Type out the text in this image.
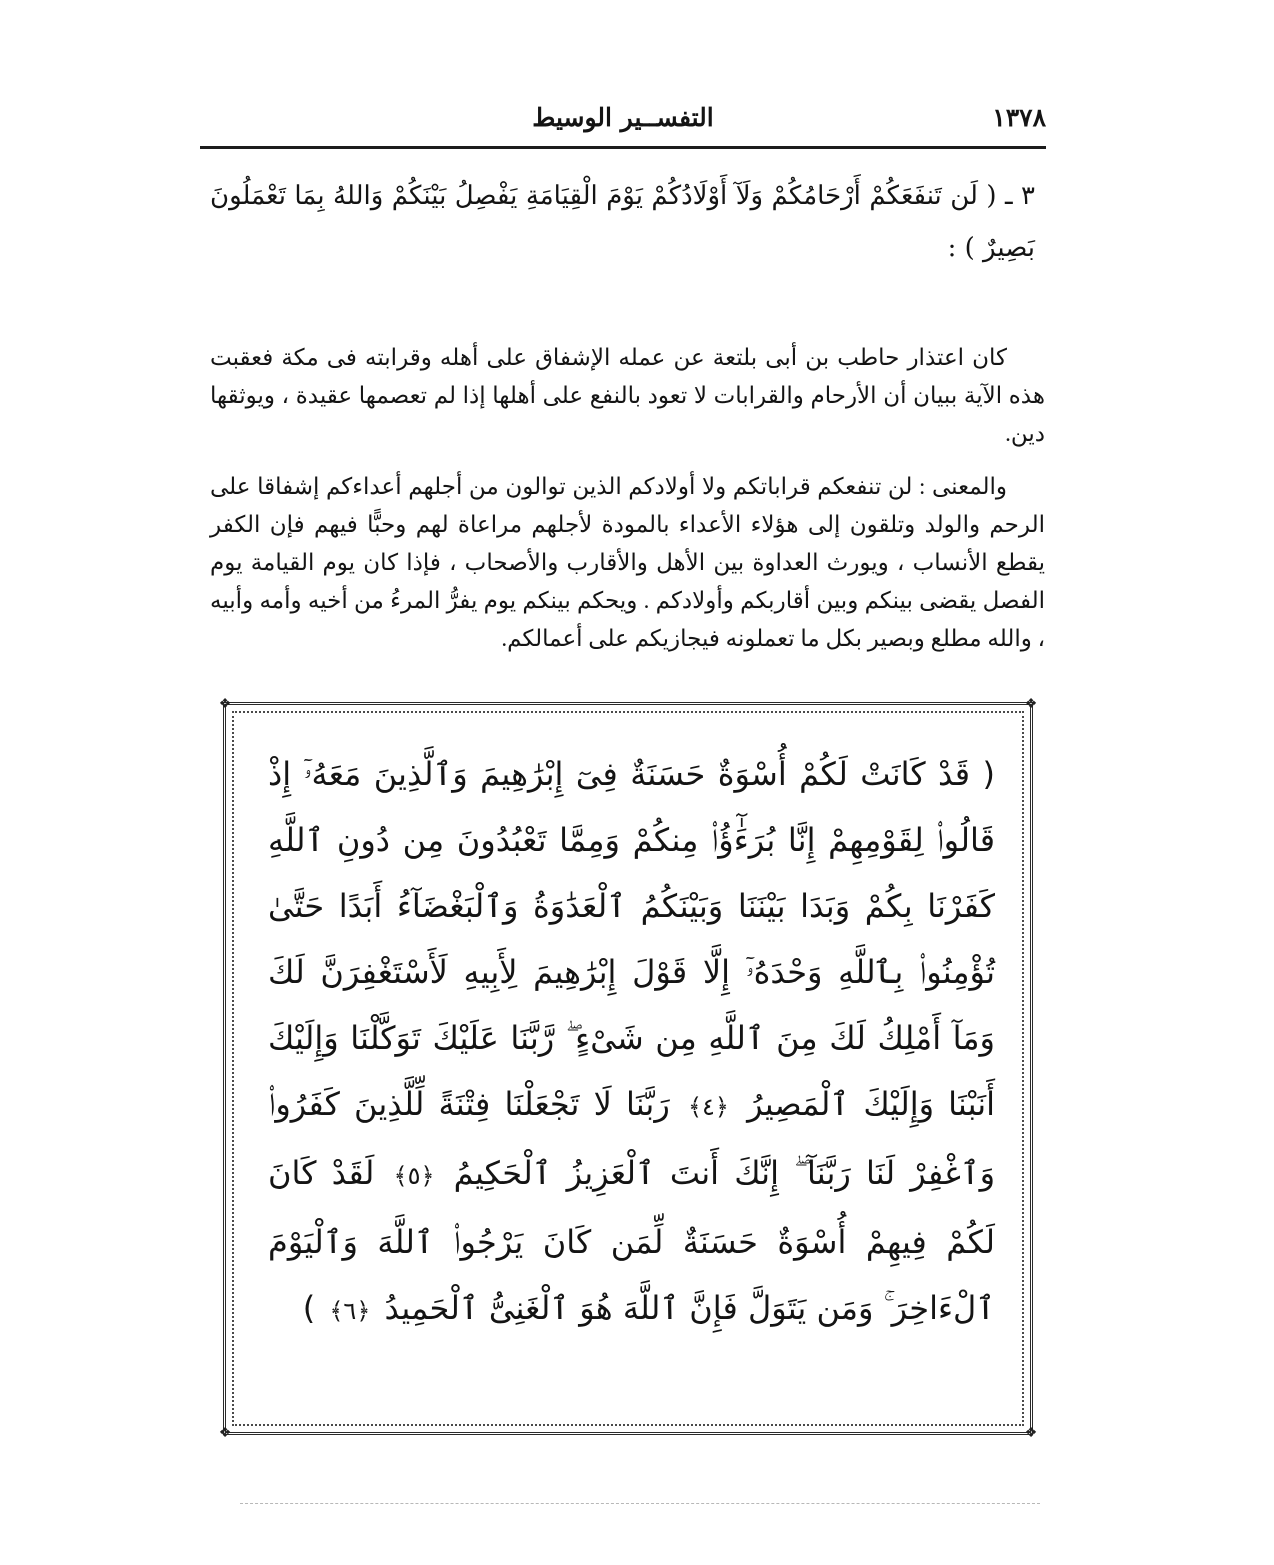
١٣٧٨
التفســير الوسيط
٣ ـ ( لَن تَنفَعَكُمْ أَرْحَامُكُمْ وَلَآ أَوْلَادُكُمْ يَوْمَ الْقِيَامَةِ يَفْصِلُ بَيْنَكُمْ وَاللهُ بِمَا تَعْمَلُونَ بَصِيرٌ ) :

كان اعتذار حاطب بن أبى بلتعة عن عمله الإشفاق على أهله وقرابته فى مكة فعقبت هذه الآية ببيان أن الأرحام والقرابات لا تعود بالنفع على أهلها إذا لم تعصمها عقيدة ، ويوثقها دين.

والمعنى : لن تنفعكم قراباتكم ولا أولادكم الذين توالون من أجلهم أعداءكم إشفاقا على الرحم والولد وتلقون إلى هؤلاء الأعداء بالمودة لأجلهم مراعاة لهم وحبًّا فيهم فإن الكفر يقطع الأنساب ، ويورث العداوة بين الأهل والأقارب والأصحاب ، فإذا كان يوم القيامة يوم الفصل يقضى بينكم وبين أقاربكم وأولادكم . ويحكم بينكم يوم يفرُّ المرءُ من أخيه وأمه وأبيه ، والله مطلع وبصير بكل ما تعملونه فيجازيكم على أعمالكم.

❖	❖
❖	❖
( قَدْ كَانَتْ لَكُمْ أُسْوَةٌ حَسَنَةٌ فِىٓ إِبْرَٰهِيمَ وَٱلَّذِينَ مَعَهُۥٓ إِذْ قَالُوا۟ لِقَوْمِهِمْ إِنَّا بُرَءَٰٓؤُا۟ مِنكُمْ وَمِمَّا تَعْبُدُونَ مِن دُونِ ٱللَّهِ كَفَرْنَا بِكُمْ وَبَدَا بَيْنَنَا وَبَيْنَكُمُ ٱلْعَدَٰوَةُ وَٱلْبَغْضَآءُ أَبَدًا حَتَّىٰ تُؤْمِنُوا۟ بِٱللَّهِ وَحْدَهُۥٓ إِلَّا قَوْلَ إِبْرَٰهِيمَ لِأَبِيهِ لَأَسْتَغْفِرَنَّ لَكَ وَمَآ أَمْلِكُ لَكَ مِنَ ٱللَّهِ مِن شَىْءٍ ۖ رَّبَّنَا عَلَيْكَ تَوَكَّلْنَا وَإِلَيْكَ أَنَبْنَا وَإِلَيْكَ ٱلْمَصِيرُ ﴿٤﴾ رَبَّنَا لَا تَجْعَلْنَا فِتْنَةً لِّلَّذِينَ كَفَرُوا۟ وَٱغْفِرْ لَنَا رَبَّنَآ ۖ إِنَّكَ أَنتَ ٱلْعَزِيزُ ٱلْحَكِيمُ ﴿٥﴾ لَقَدْ كَانَ لَكُمْ فِيهِمْ أُسْوَةٌ حَسَنَةٌ لِّمَن كَانَ يَرْجُوا۟ ٱللَّهَ وَٱلْيَوْمَ ٱلْءَاخِرَ ۚ وَمَن يَتَوَلَّ فَإِنَّ ٱللَّهَ هُوَ ٱلْغَنِىُّ ٱلْحَمِيدُ ﴿٦﴾ )
